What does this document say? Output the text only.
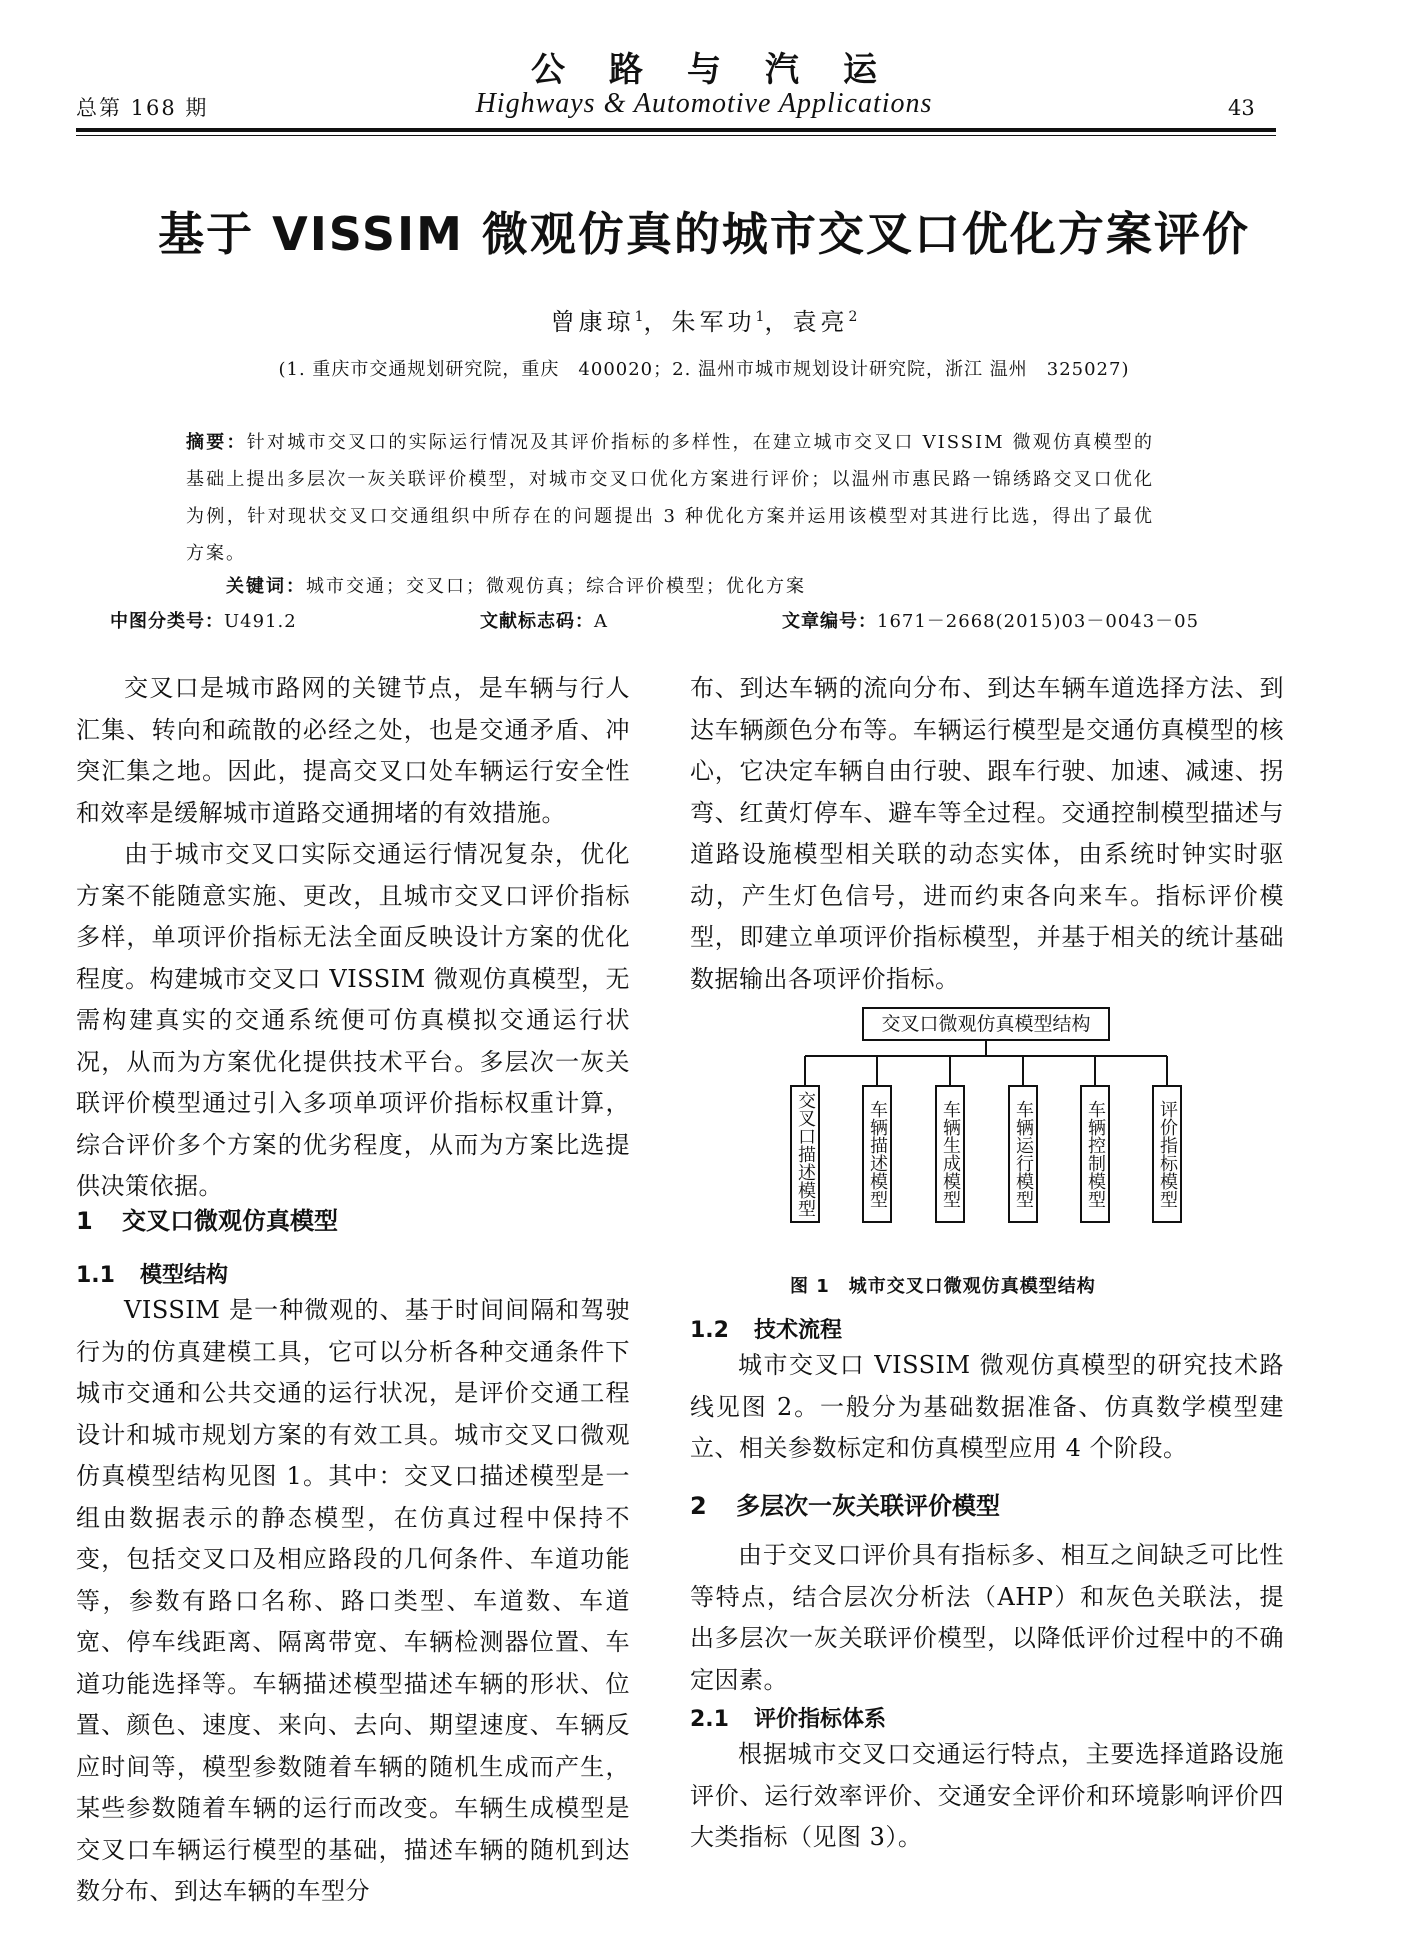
公路与汽运
总第 168 期	Highways & Automotive Applications	43
基于 VISSIM 微观仿真的城市交叉口优化方案评价
曾康琼$^1$，朱军功$^1$，袁亮$^2$
(1. 重庆市交通规划研究院，重庆　400020；2. 温州市城市规划设计研究院，浙江 温州　325027)
摘要：针对城市交叉口的实际运行情况及其评价指标的多样性，在建立城市交叉口 VISSIM 微观仿真模型的基础上提出多层次一灰关联评价模型，对城市交叉口优化方案进行评价；以温州市惠民路一锦绣路交叉口优化为例，针对现状交叉口交通组织中所存在的问题提出 3 种优化方案并运用该模型对其进行比选，得出了最优方案。
关键词：城市交通；交叉口；微观仿真；综合评价模型；优化方案
中图分类号：U491.2	文献标志码：A	文章编号：1671－2668(2015)03－0043－05

交叉口是城市路网的关键节点，是车辆与行人汇集、转向和疏散的必经之处，也是交通矛盾、冲突汇集之地。因此，提高交叉口处车辆运行安全性和效率是缓解城市道路交通拥堵的有效措施。

由于城市交叉口实际交通运行情况复杂，优化方案不能随意实施、更改，且城市交叉口评价指标多样，单项评价指标无法全面反映设计方案的优化程度。构建城市交叉口 VISSIM 微观仿真模型，无需构建真实的交通系统便可仿真模拟交通运行状况，从而为方案优化提供技术平台。多层次一灰关联评价模型通过引入多项单项评价指标权重计算，综合评价多个方案的优劣程度，从而为方案比选提供决策依据。

1 交叉口微观仿真模型
1.1 模型结构

VISSIM 是一种微观的、基于时间间隔和驾驶行为的仿真建模工具，它可以分析各种交通条件下城市交通和公共交通的运行状况，是评价交通工程设计和城市规划方案的有效工具。城市交叉口微观仿真模型结构见图 1。其中：交叉口描述模型是一组由数据表示的静态模型，在仿真过程中保持不变，包括交叉口及相应路段的几何条件、车道功能等，参数有路口名称、路口类型、车道数、车道宽、停车线距离、隔离带宽、车辆检测器位置、车道功能选择等。车辆描述模型描述车辆的形状、位置、颜色、速度、来向、去向、期望速度、车辆反应时间等，模型参数随着车辆的随机生成而产生，某些参数随着车辆的运行而改变。车辆生成模型是交叉口车辆运行模型的基础，描述车辆的随机到达数分布、到达车辆的车型分

布、到达车辆的流向分布、到达车辆车道选择方法、到达车辆颜色分布等。车辆运行模型是交通仿真模型的核心，它决定车辆自由行驶、跟车行驶、加速、减速、拐弯、红黄灯停车、避车等全过程。交通控制模型描述与道路设施模型相关联的动态实体，由系统时钟实时驱动，产生灯色信号，进而约束各向来车。指标评价模型，即建立单项评价指标模型，并基于相关的统计基础数据输出各项评价指标。

交叉口微观仿真模型结构
交叉口描述模型	车辆描述模型	车辆生成模型	车辆运行模型	车辆控制模型	评价指标模型
图 1　 城市交叉口微观仿真模型结构
1.2 技术流程

城市交叉口 VISSIM 微观仿真模型的研究技术路线见图 2。一般分为基础数据准备、仿真数学模型建立、相关参数标定和仿真模型应用 4 个阶段。

2 多层次一灰关联评价模型

由于交叉口评价具有指标多、相互之间缺乏可比性等特点，结合层次分析法（AHP）和灰色关联法，提出多层次一灰关联评价模型，以降低评价过程中的不确定因素。

2.1 评价指标体系

根据城市交叉口交通运行特点，主要选择道路设施评价、运行效率评价、交通安全评价和环境影响评价四大类指标（见图 3）。
